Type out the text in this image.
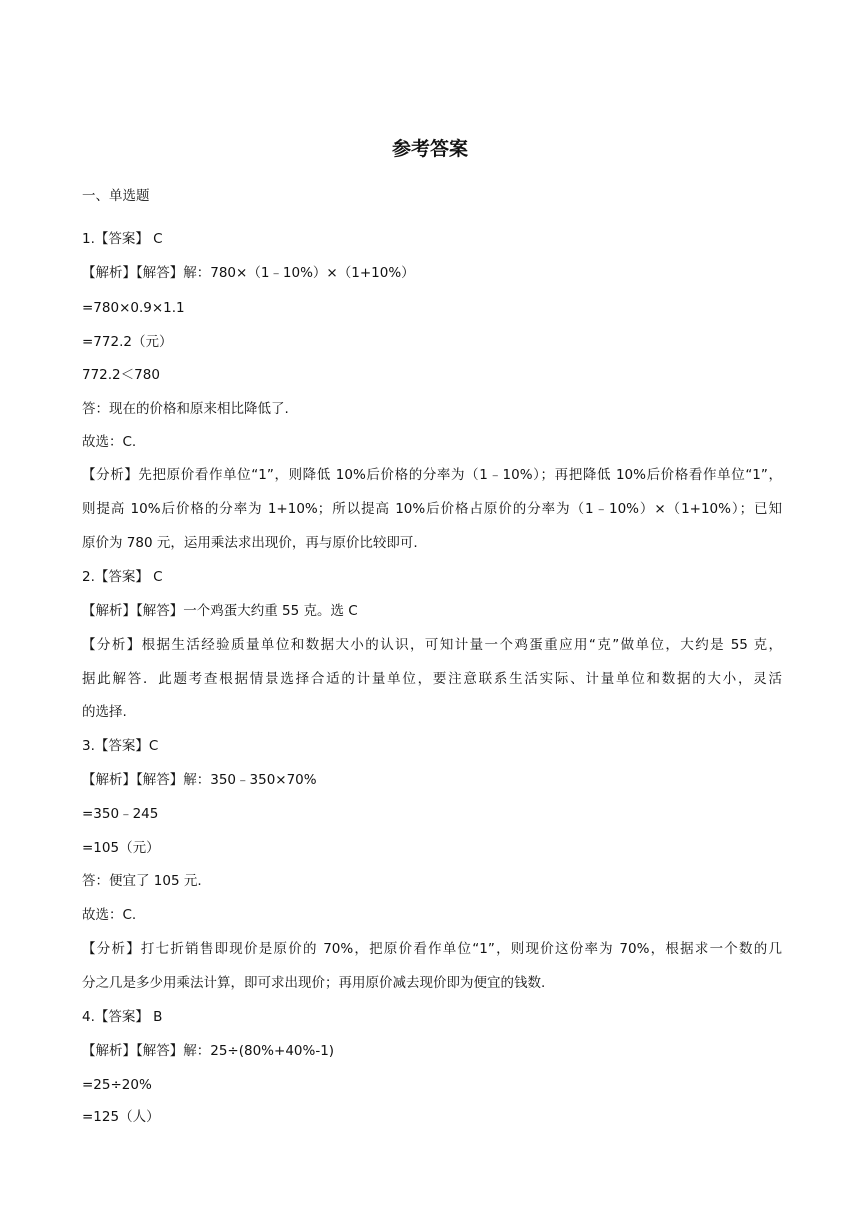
参考答案
一、单选题
1.【答案】 C
【解析】【解答】解：780×（1﹣10%）×（1+10%）
=780×0.9×1.1
=772.2（元）
772.2＜780
答：现在的价格和原来相比降低了.
故选：C.
【分析】先把原价看作单位“1”，则降低 10%后价格的分率为（1﹣10%）；再把降低 10%后价格看作单位“1”，
则提高 10%后价格的分率为 1+10%；所以提高 10%后价格占原价的分率为（1﹣10%）×（1+10%）；已知
原价为 780 元，运用乘法求出现价，再与原价比较即可.
2.【答案】 C
【解析】【解答】一个鸡蛋大约重 55 克。选 C
【分析】根据生活经验质量单位和数据大小的认识，可知计量一个鸡蛋重应用“克”做单位，大约是 55 克，
据此解答．此题考查根据情景选择合适的计量单位，要注意联系生活实际、计量单位和数据的大小，灵活
的选择.
3.【答案】C
【解析】【解答】解：350﹣350×70%
=350﹣245
=105（元）
答：便宜了 105 元.
故选：C.
【分析】打七折销售即现价是原价的 70%，把原价看作单位“1”，则现价这份率为 70%，根据求一个数的几
分之几是多少用乘法计算，即可求出现价；再用原价减去现价即为便宜的钱数.
4.【答案】 B
【解析】【解答】解：25÷(80%+40%-1)
=25÷20%
=125（人）
